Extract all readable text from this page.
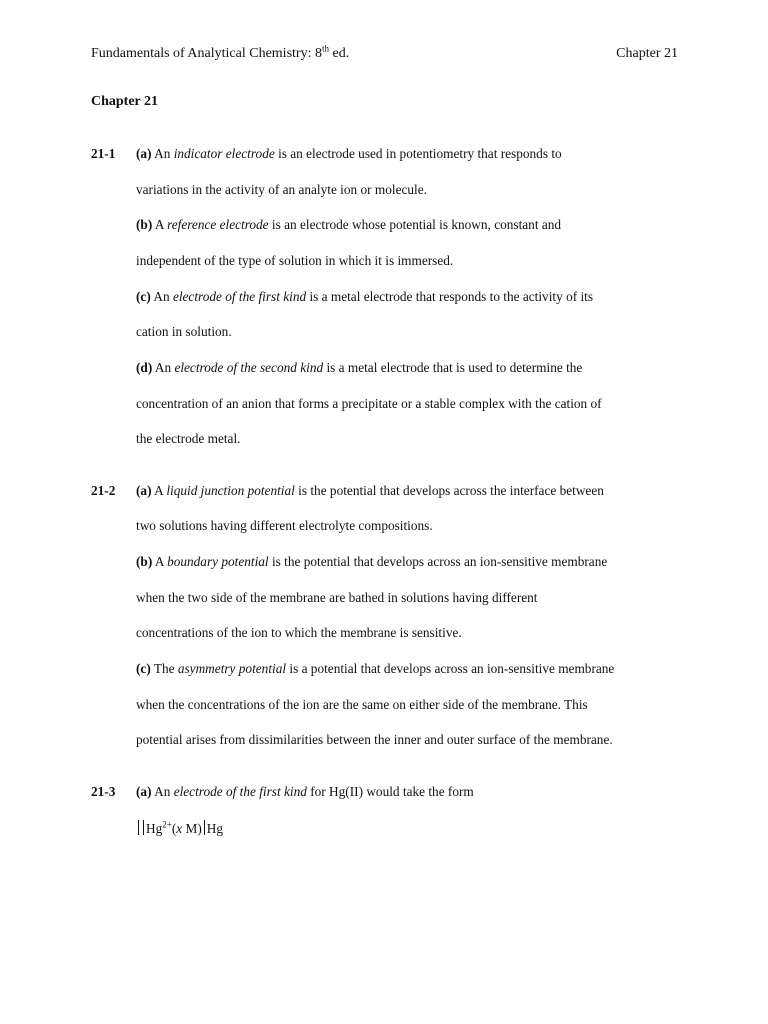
Fundamentals of Analytical Chemistry: 8th ed.	Chapter 21
Chapter 21
21-1 (a) An indicator electrode is an electrode used in potentiometry that responds to
variations in the activity of an analyte ion or molecule.
(b) A reference electrode is an electrode whose potential is known, constant and
independent of the type of solution in which it is immersed.
(c) An electrode of the first kind is a metal electrode that responds to the activity of its
cation in solution.
(d) An electrode of the second kind is a metal electrode that is used to determine the
concentration of an anion that forms a precipitate or a stable complex with the cation of
the electrode metal.
21-2 (a) A liquid junction potential is the potential that develops across the interface between
two solutions having different electrolyte compositions.
(b) A boundary potential is the potential that develops across an ion-sensitive membrane
when the two side of the membrane are bathed in solutions having different
concentrations of the ion to which the membrane is sensitive.
(c) The asymmetry potential is a potential that develops across an ion-sensitive membrane
when the concentrations of the ion are the same on either side of the membrane. This
potential arises from dissimilarities between the inner and outer surface of the membrane.
21-3 (a) An electrode of the first kind for Hg(II) would take the form
$Hg^{2+}(x$ M) Hg
